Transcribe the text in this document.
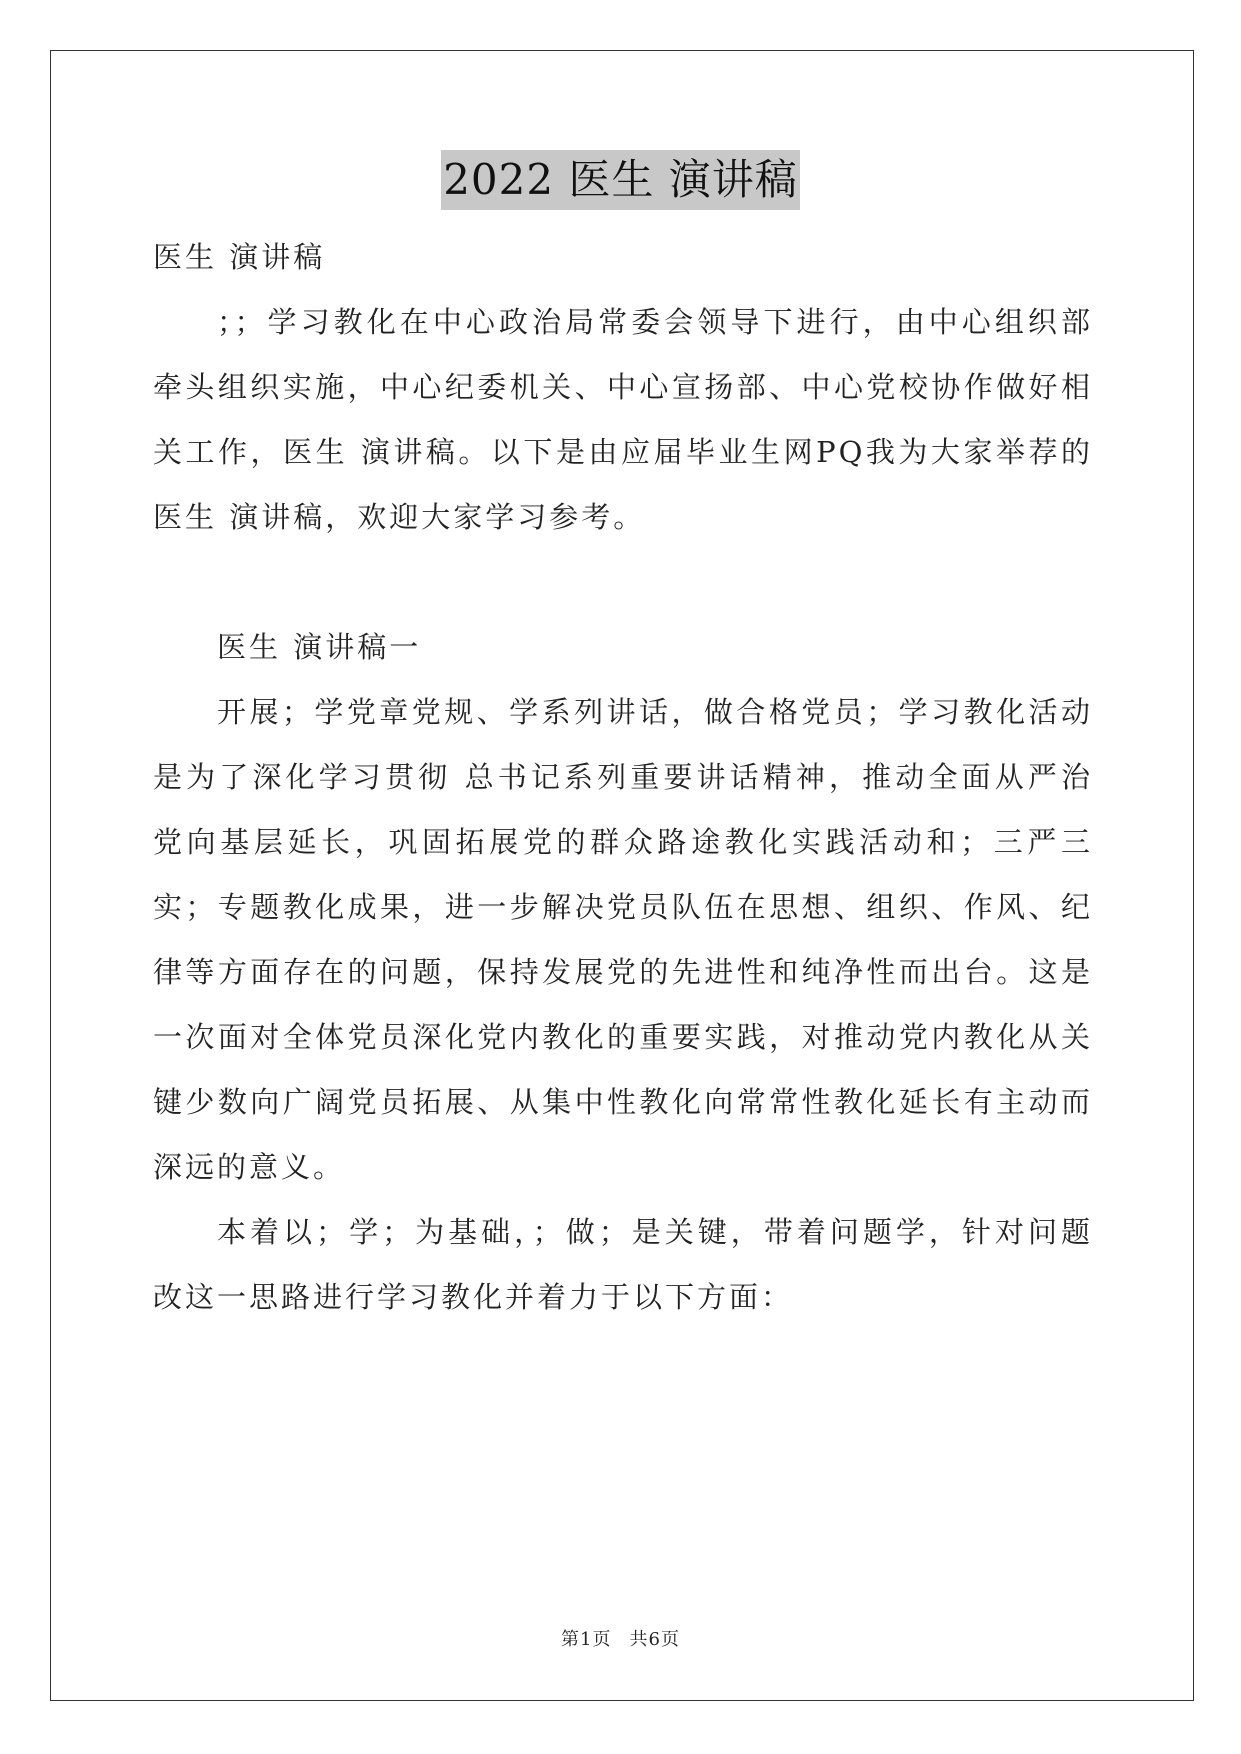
2022 医生 演讲稿

医生 演讲稿

；；学习教化在中心政治局常委会领导下进行，由中心组织部牵头组织实施，中心纪委机关、中心宣扬部、中心党校协作做好相关工作，医生 演讲稿。以下是由应届毕业生网PQ我为大家举荐的医生 演讲稿，欢迎大家学习参考。

医生 演讲稿一

开展；学党章党规、学系列讲话，做合格党员；学习教化活动是为了深化学习贯彻 总书记系列重要讲话精神，推动全面从严治党向基层延长，巩固拓展党的群众路途教化实践活动和；三严三实；专题教化成果，进一步解决党员队伍在思想、组织、作风、纪律等方面存在的问题，保持发展党的先进性和纯净性而出台。这是一次面对全体党员深化党内教化的重要实践，对推动党内教化从关键少数向广阔党员拓展、从集中性教化向常常性教化延长有主动而深远的意义。

本着以；学；为基础，；做；是关键，带着问题学，针对问题改这一思路进行学习教化并着力于以下方面：

第1页 共6页
